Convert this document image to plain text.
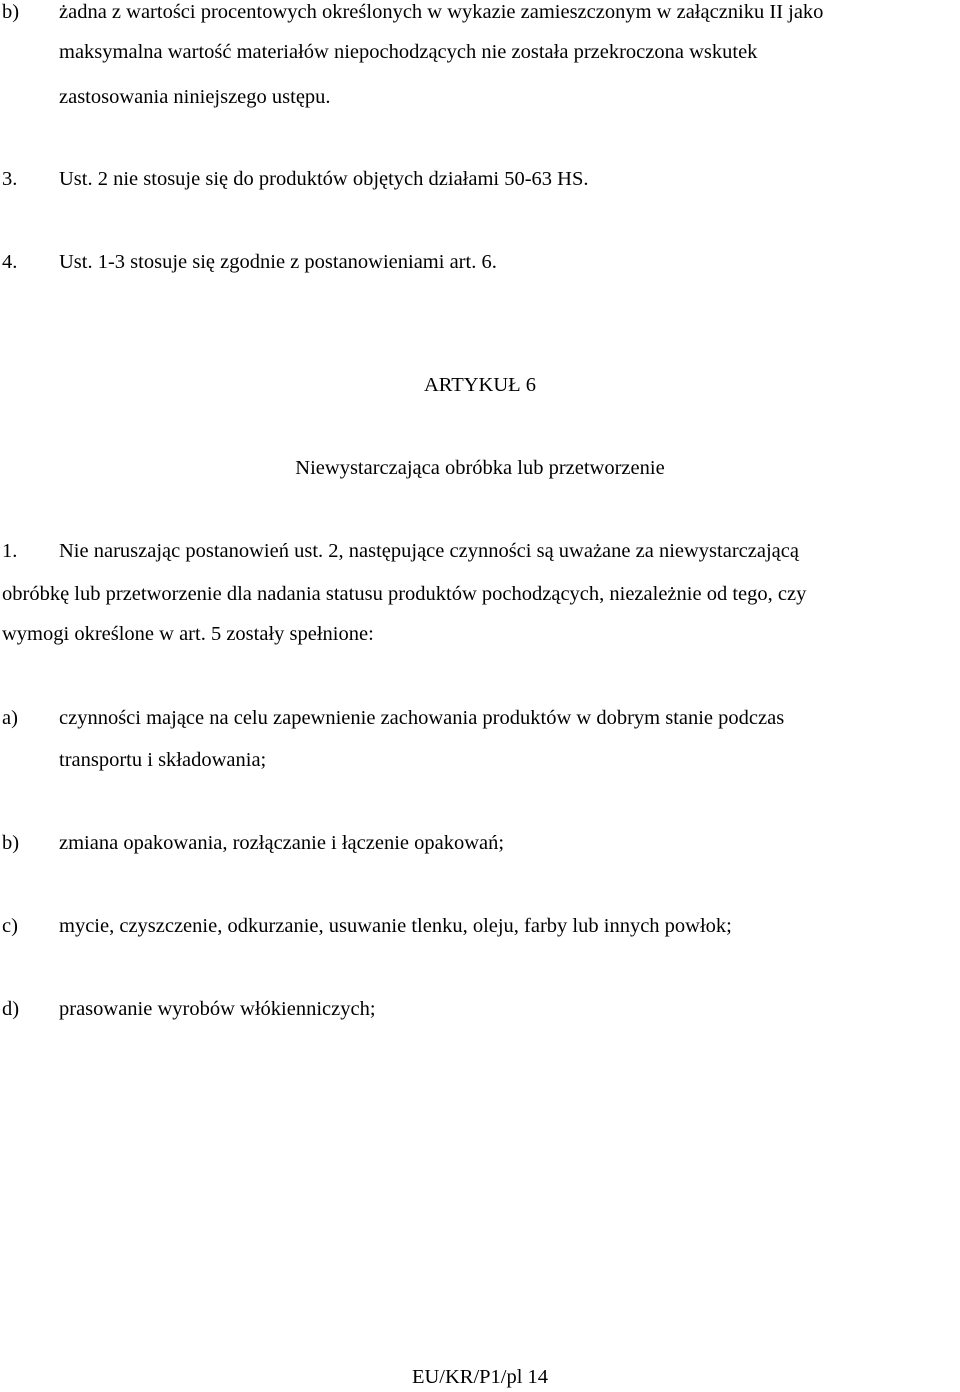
b) żadna z wartości procentowych określonych w wykazie zamieszczonym w załączniku II jako
maksymalna wartość materiałów niepochodzących nie została przekroczona wskutek
zastosowania niniejszego ustępu.
3. Ust. 2 nie stosuje się do produktów objętych działami 50-63 HS.
4. Ust. 1-3 stosuje się zgodnie z postanowieniami art. 6.
ARTYKUŁ 6
Niewystarczająca obróbka lub przetworzenie
1. Nie naruszając postanowień ust. 2, następujące czynności są uważane za niewystarczającą
obróbkę lub przetworzenie dla nadania statusu produktów pochodzących, niezależnie od tego, czy
wymogi określone w art. 5 zostały spełnione:
a) czynności mające na celu zapewnienie zachowania produktów w dobrym stanie podczas
transportu i składowania;
b) zmiana opakowania, rozłączanie i łączenie opakowań;
c) mycie, czyszczenie, odkurzanie, usuwanie tlenku, oleju, farby lub innych powłok;
d) prasowanie wyrobów włókienniczych;
EU/KR/P1/pl 14
